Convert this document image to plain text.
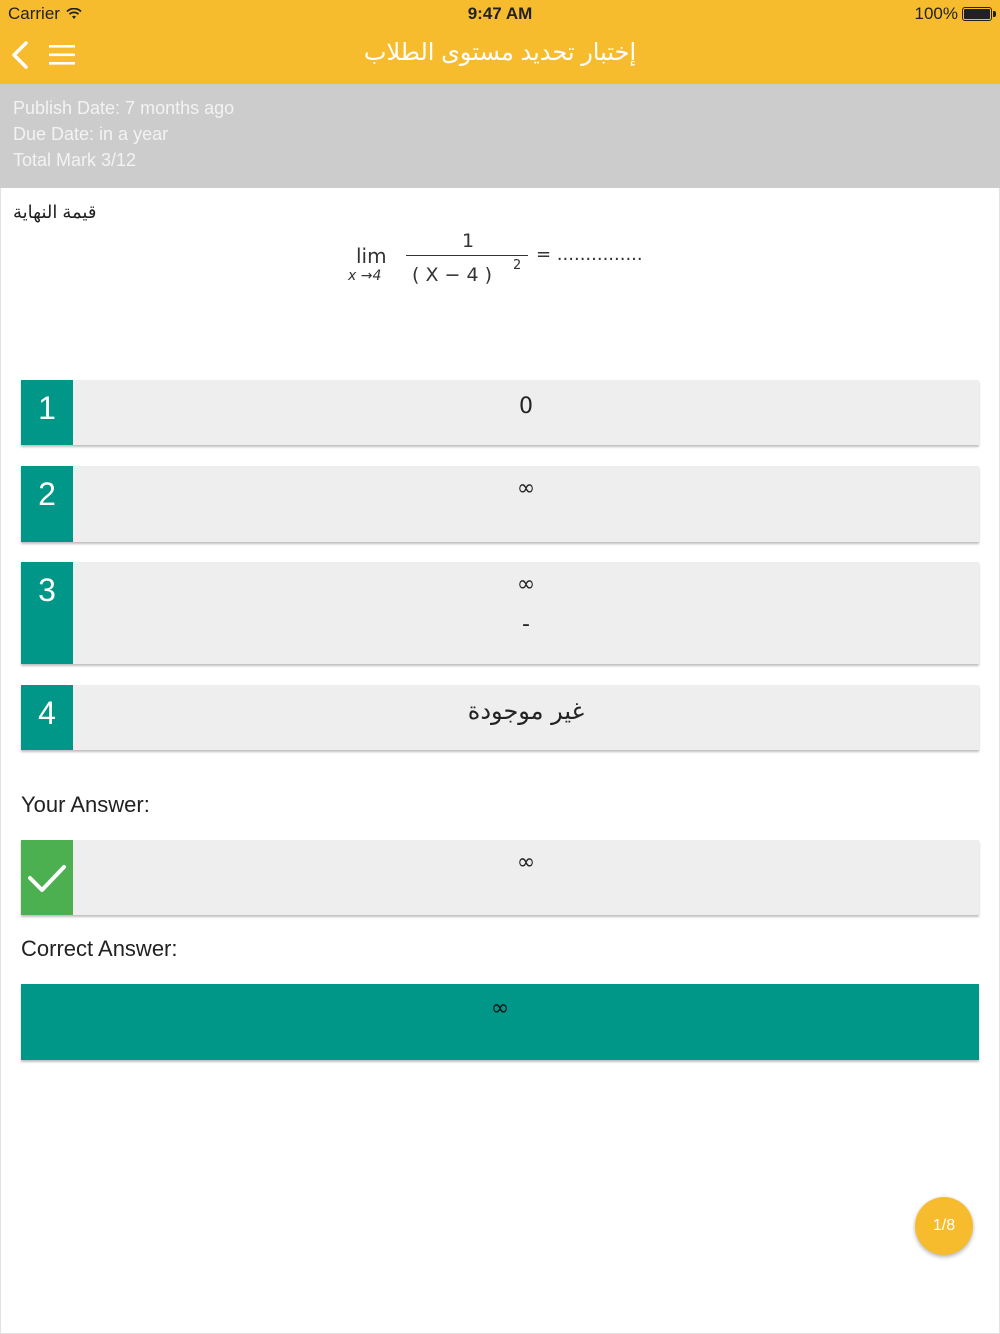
Carrier	9:47 AM	100%
إختبار تحديد مستوى الطلاب
Publish Date: 7 months ago
Due Date: in a year
Total Mark 3/12
قيمة النهاية
lim
x →4
1
( X − 4 ) 2
= ...............
1	0
2	∞
3	∞
-
4	غير موجودة
Your Answer:
∞
Correct Answer:
∞
1/8
